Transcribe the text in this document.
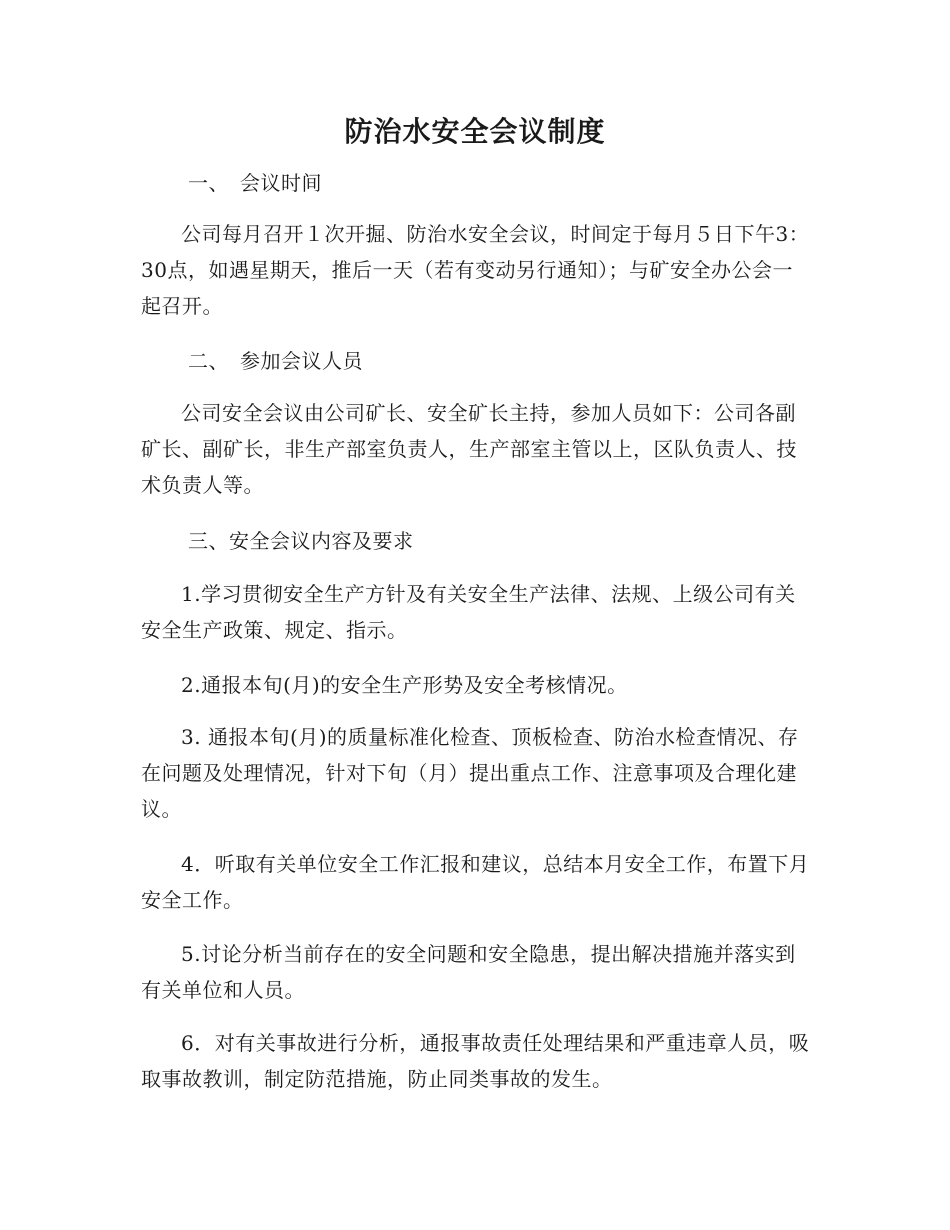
防治水安全会议制度
一、 会议时间

公司每月召开１次开掘、防治水安全会议，时间定于每月５日下午3：30点，如遇星期天，推后一天（若有变动另行通知）；与矿安全办公会一起召开。

二、 参加会议人员

公司安全会议由公司矿长、安全矿长主持，参加人员如下：公司各副矿长、副矿长，非生产部室负责人，生产部室主管以上，区队负责人、技术负责人等。

三、安全会议内容及要求

1.学习贯彻安全生产方针及有关安全生产法律、法规、上级公司有关安全生产政策、规定、指示。

2.通报本旬(月)的安全生产形势及安全考核情况。

3. 通报本旬(月)的质量标准化检查、顶板检查、防治水检查情况、存在问题及处理情况，针对下旬（月）提出重点工作、注意事项及合理化建议。

4．听取有关单位安全工作汇报和建议，总结本月安全工作，布置下月安全工作。

5.讨论分析当前存在的安全问题和安全隐患，提出解决措施并落实到有关单位和人员。

6．对有关事故进行分析，通报事故责任处理结果和严重违章人员，吸取事故教训，制定防范措施，防止同类事故的发生。
